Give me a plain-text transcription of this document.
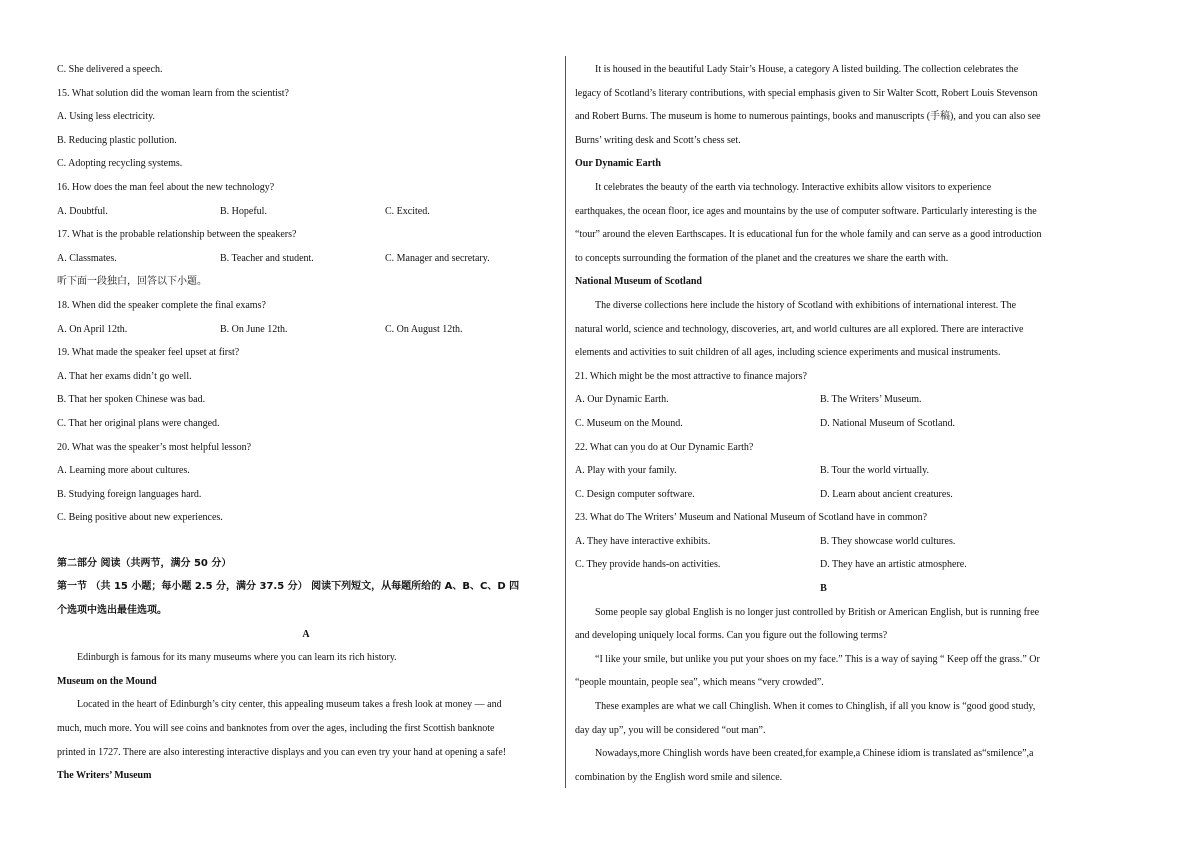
C. She delivered a speech.
15. What solution did the woman learn from the scientist?
A. Using less electricity.
B. Reducing plastic pollution.
C. Adopting recycling systems.
16. How does the man feel about the new technology?
A. Doubtful.	B. Hopeful.	C. Excited.
17. What is the probable relationship between the speakers?
A. Classmates.	B. Teacher and student.	C. Manager and secretary.
听下面一段独白，回答以下小题。
18. When did the speaker complete the final exams?
A. On April 12th.	B. On June 12th.	C. On August 12th.
19. What made the speaker feel upset at first?
A. That her exams didn’t go well.
B. That her spoken Chinese was bad.
C. That her original plans were changed.
20. What was the speaker’s most helpful lesson?
A. Learning more about cultures.
B. Studying foreign languages hard.
C. Being positive about new experiences.
第二部分 阅读（共两节，满分 50 分）
第一节 （共 15 小题；每小题 2.5 分，满分 37.5 分） 阅读下列短文，从每题所给的 A、B、C、D 四
个选项中选出最佳选项。
A
Edinburgh is famous for its many museums where you can learn its rich history.
Museum on the Mound
Located in the heart of Edinburgh’s city center, this appealing museum takes a fresh look at money — and
much, much more. You will see coins and banknotes from over the ages, including the first Scottish banknote
printed in 1727. There are also interesting interactive displays and you can even try your hand at opening a safe!
The Writers’ Museum
It is housed in the beautiful Lady Stair’s House, a category A listed building. The collection celebrates the
legacy of Scotland’s literary contributions, with special emphasis given to Sir Walter Scott, Robert Louis Stevenson
and Robert Burns. The museum is home to numerous paintings, books and manuscripts (手稿), and you can also see
Burns’ writing desk and Scott’s chess set.
Our Dynamic Earth
It celebrates the beauty of the earth via technology. Interactive exhibits allow visitors to experience
earthquakes, the ocean floor, ice ages and mountains by the use of computer software. Particularly interesting is the
“tour” around the eleven Earthscapes. It is educational fun for the whole family and can serve as a good introduction
to concepts surrounding the formation of the planet and the creatures we share the earth with.
National Museum of Scotland
The diverse collections here include the history of Scotland with exhibitions of international interest. The
natural world, science and technology, discoveries, art, and world cultures are all explored. There are interactive
elements and activities to suit children of all ages, including science experiments and musical instruments.
21. Which might be the most attractive to finance majors?
A. Our Dynamic Earth.	B. The Writers’ Museum.
C. Museum on the Mound.	D. National Museum of Scotland.
22. What can you do at Our Dynamic Earth?
A. Play with your family.	B. Tour the world virtually.
C. Design computer software.	D. Learn about ancient creatures.
23. What do The Writers’ Museum and National Museum of Scotland have in common?
A. They have interactive exhibits.	B. They showcase world cultures.
C. They provide hands-on activities.	D. They have an artistic atmosphere.
B
Some people say global English is no longer just controlled by British or American English, but is running free
and developing uniquely local forms. Can you figure out the following terms?
“I like your smile, but unlike you put your shoes on my face.” This is a way of saying “ Keep off the grass.” Or
“people mountain, people sea”, which means “very crowded”.
These examples are what we call Chinglish. When it comes to Chinglish, if all you know is “good good study,
day day up”, you will be considered “out man”.
Nowadays,more Chinglish words have been created,for example,a Chinese idiom is translated as“smilence”,a
combination by the English word smile and silence.
